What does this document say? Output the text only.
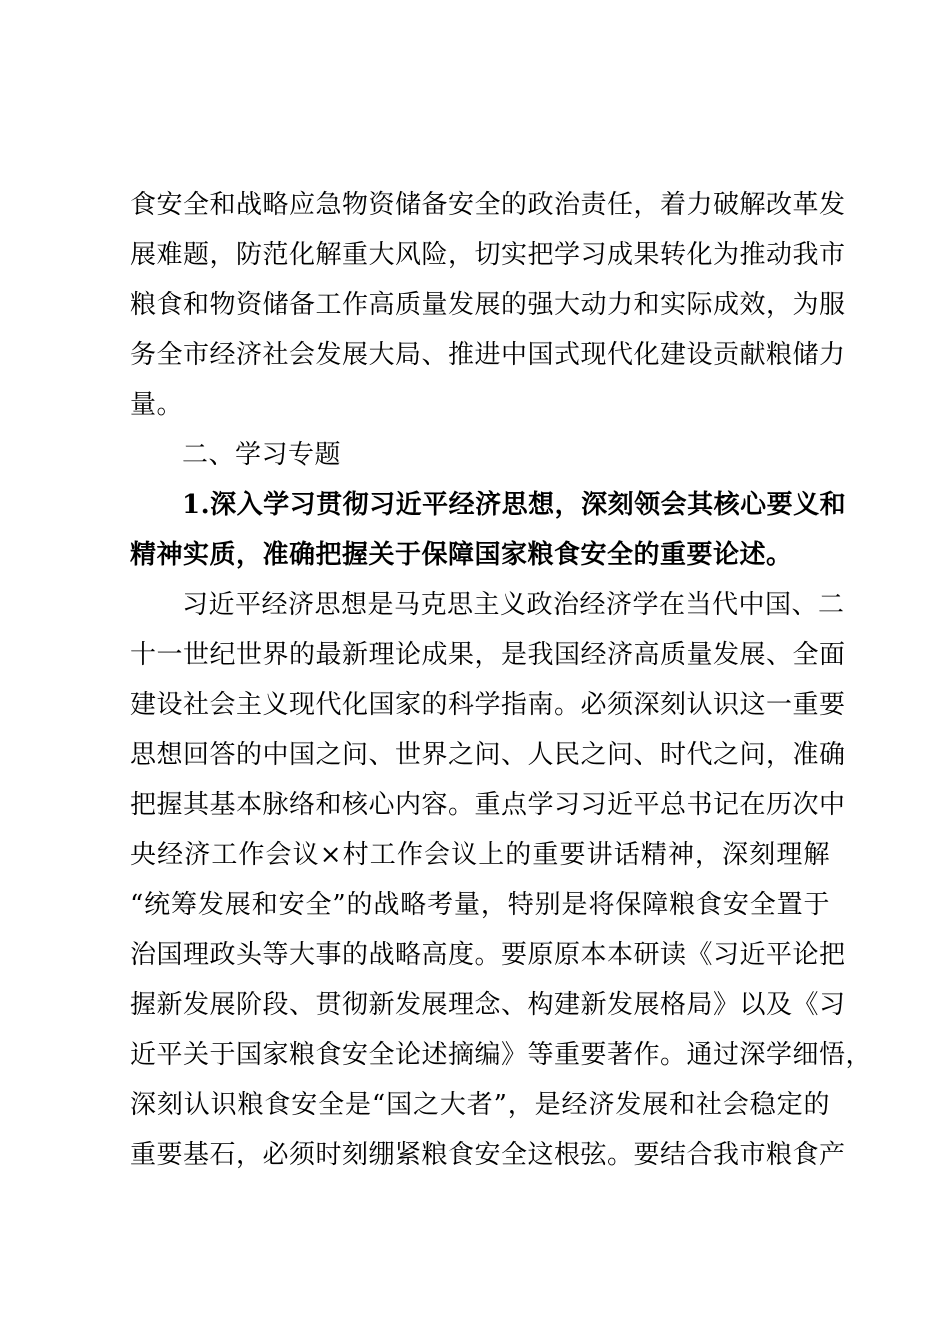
食安全和战略应急物资储备安全的政治责任，着力破解改革发
展难题，防范化解重大风险，切实把学习成果转化为推动我市
粮食和物资储备工作高质量发展的强大动力和实际成效，为服
务全市经济社会发展大局、推进中国式现代化建设贡献粮储力
量。
二、学习专题
1.深入学习贯彻习近平经济思想，深刻领会其核心要义和
精神实质，准确把握关于保障国家粮食安全的重要论述。
习近平经济思想是马克思主义政治经济学在当代中国、二
十一世纪世界的最新理论成果，是我国经济高质量发展、全面
建设社会主义现代化国家的科学指南。必须深刻认识这一重要
思想回答的中国之问、世界之问、人民之问、时代之问，准确
把握其基本脉络和核心内容。重点学习习近平总书记在历次中
央经济工作会议×村工作会议上的重要讲话精神，深刻理解
“统筹发展和安全”的战略考量，特别是将保障粮食安全置于
治国理政头等大事的战略高度。要原原本本研读《习近平论把
握新发展阶段、贯彻新发展理念、构建新发展格局》以及《习
近平关于国家粮食安全论述摘编》等重要著作。通过深学细悟，
深刻认识粮食安全是“国之大者”，是经济发展和社会稳定的
重要基石，必须时刻绷紧粮食安全这根弦。要结合我市粮食产
